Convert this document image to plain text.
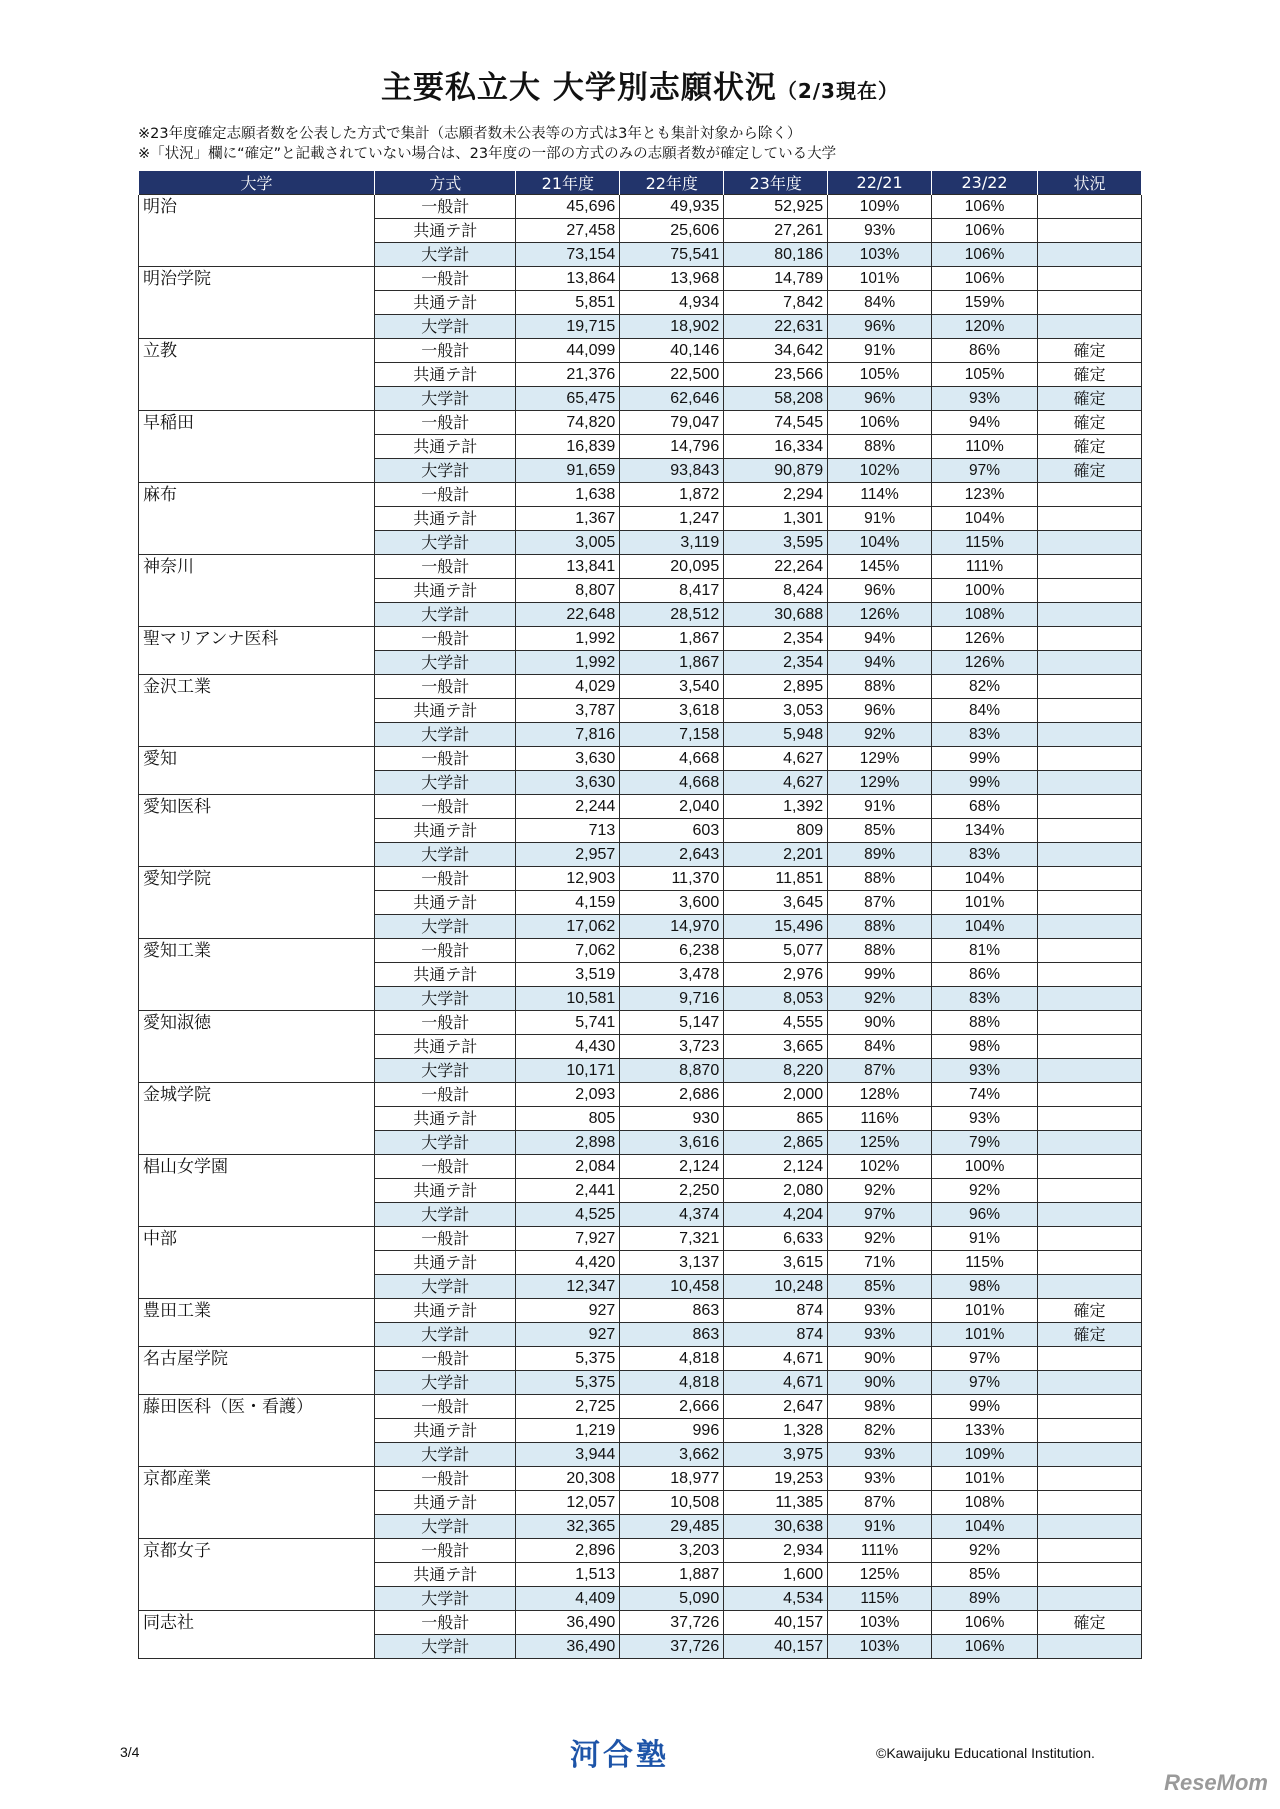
主要私立大 大学別志願状況（2/3現在）
※23年度確定志願者数を公表した方式で集計（志願者数未公表等の方式は3年とも集計対象から除く）
※「状況」欄に“確定”と記載されていない場合は、23年度の一部の方式のみの志願者数が確定している大学
大学	方式	21年度	22年度	23年度	22/21	23/22	状況
明治	一般計	45,696	49,935	52,925	109%	106%	
	共通テ計	27,458	25,606	27,261	93%	106%	
	大学計	73,154	75,541	80,186	103%	106%	
明治学院	一般計	13,864	13,968	14,789	101%	106%	
	共通テ計	5,851	4,934	7,842	84%	159%	
	大学計	19,715	18,902	22,631	96%	120%	
立教	一般計	44,099	40,146	34,642	91%	86%	確定
	共通テ計	21,376	22,500	23,566	105%	105%	確定
	大学計	65,475	62,646	58,208	96%	93%	確定
早稲田	一般計	74,820	79,047	74,545	106%	94%	確定
	共通テ計	16,839	14,796	16,334	88%	110%	確定
	大学計	91,659	93,843	90,879	102%	97%	確定
麻布	一般計	1,638	1,872	2,294	114%	123%	
	共通テ計	1,367	1,247	1,301	91%	104%	
	大学計	3,005	3,119	3,595	104%	115%	
神奈川	一般計	13,841	20,095	22,264	145%	111%	
	共通テ計	8,807	8,417	8,424	96%	100%	
	大学計	22,648	28,512	30,688	126%	108%	
聖マリアンナ医科	一般計	1,992	1,867	2,354	94%	126%	
	大学計	1,992	1,867	2,354	94%	126%	
金沢工業	一般計	4,029	3,540	2,895	88%	82%	
	共通テ計	3,787	3,618	3,053	96%	84%	
	大学計	7,816	7,158	5,948	92%	83%	
愛知	一般計	3,630	4,668	4,627	129%	99%	
	大学計	3,630	4,668	4,627	129%	99%	
愛知医科	一般計	2,244	2,040	1,392	91%	68%	
	共通テ計	713	603	809	85%	134%	
	大学計	2,957	2,643	2,201	89%	83%	
愛知学院	一般計	12,903	11,370	11,851	88%	104%	
	共通テ計	4,159	3,600	3,645	87%	101%	
	大学計	17,062	14,970	15,496	88%	104%	
愛知工業	一般計	7,062	6,238	5,077	88%	81%	
	共通テ計	3,519	3,478	2,976	99%	86%	
	大学計	10,581	9,716	8,053	92%	83%	
愛知淑徳	一般計	5,741	5,147	4,555	90%	88%	
	共通テ計	4,430	3,723	3,665	84%	98%	
	大学計	10,171	8,870	8,220	87%	93%	
金城学院	一般計	2,093	2,686	2,000	128%	74%	
	共通テ計	805	930	865	116%	93%	
	大学計	2,898	3,616	2,865	125%	79%	
椙山女学園	一般計	2,084	2,124	2,124	102%	100%	
	共通テ計	2,441	2,250	2,080	92%	92%	
	大学計	4,525	4,374	4,204	97%	96%	
中部	一般計	7,927	7,321	6,633	92%	91%	
	共通テ計	4,420	3,137	3,615	71%	115%	
	大学計	12,347	10,458	10,248	85%	98%	
豊田工業	共通テ計	927	863	874	93%	101%	確定
	大学計	927	863	874	93%	101%	確定
名古屋学院	一般計	5,375	4,818	4,671	90%	97%	
	大学計	5,375	4,818	4,671	90%	97%	
藤田医科（医・看護）	一般計	2,725	2,666	2,647	98%	99%	
	共通テ計	1,219	996	1,328	82%	133%	
	大学計	3,944	3,662	3,975	93%	109%	
京都産業	一般計	20,308	18,977	19,253	93%	101%	
	共通テ計	12,057	10,508	11,385	87%	108%	
	大学計	32,365	29,485	30,638	91%	104%	
京都女子	一般計	2,896	3,203	2,934	111%	92%	
	共通テ計	1,513	1,887	1,600	125%	85%	
	大学計	4,409	5,090	4,534	115%	89%	
同志社	一般計	36,490	37,726	40,157	103%	106%	確定
	大学計	36,490	37,726	40,157	103%	106%	
3/4	河合塾	©Kawaijuku Educational Institution.
ReseMom
